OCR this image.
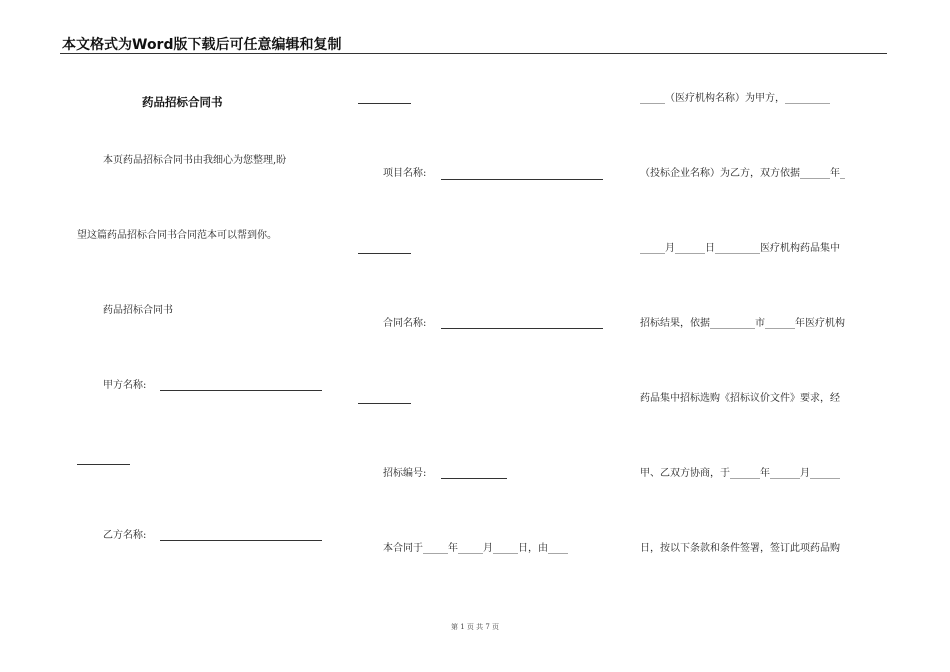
本文格式为Word版下载后可任意编辑和复制
药品招标合同书
本页药品招标合同书由我细心为您整理,盼
望这篇药品招标合同书合同范本可以帮到你。
药品招标合同书
甲方名称:
乙方名称:
项目名称:
合同名称:
招标编号:
本合同于_____年_____月_____日，由____
_____（医疗机构名称）为甲方，_________
（投标企业名称）为乙方，双方依据______年_
_____月______日_________医疗机构药品集中
招标结果，依据_________市______年医疗机构
药品集中招标选购《招标议价文件》要求，经
甲、乙双方协商，于______年______月______
日，按以下条款和条件签署，签订此项药品购
第 1 页 共 7 页
